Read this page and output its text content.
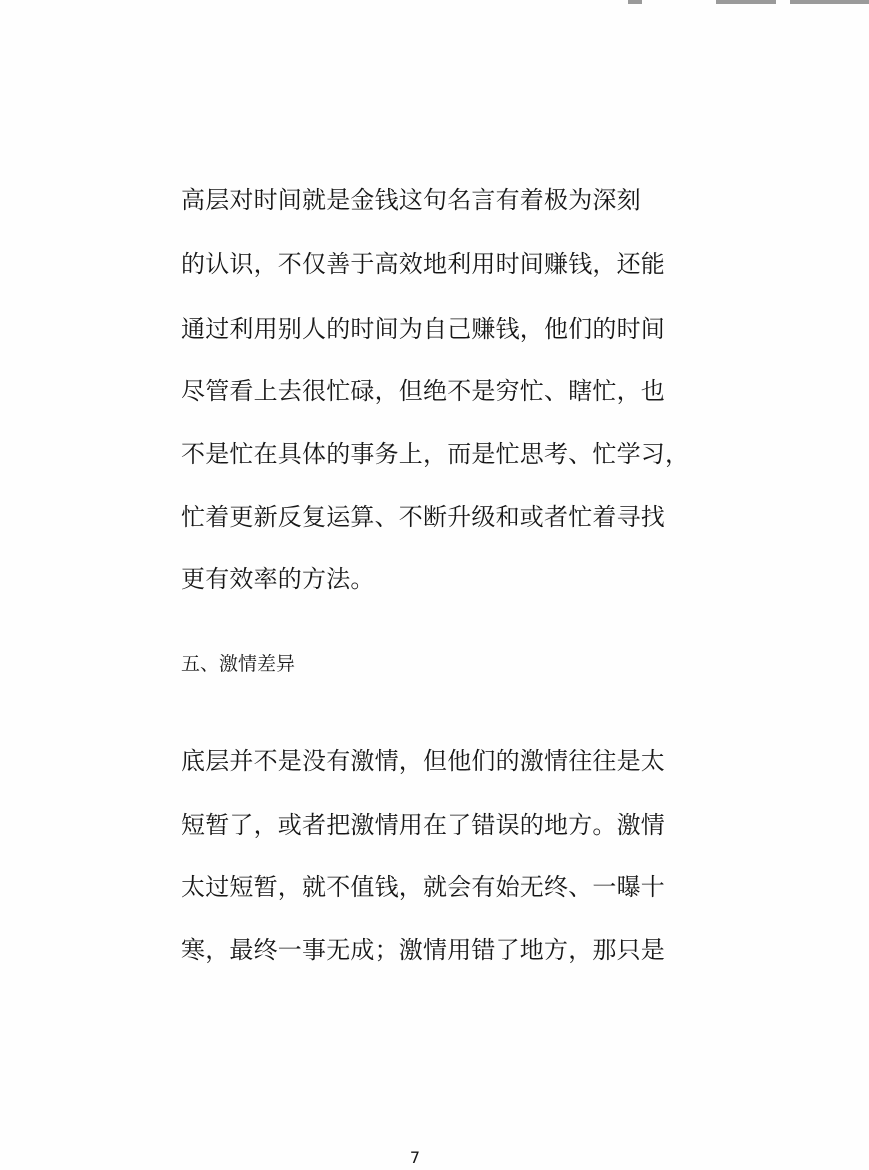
高层对时间就是金钱这句名言有着极为深刻
的认识，不仅善于高效地利用时间赚钱，还能
通过利用别人的时间为自己赚钱，他们的时间
尽管看上去很忙碌，但绝不是穷忙、瞎忙，也
不是忙在具体的事务上，而是忙思考、忙学习，
忙着更新反复运算、不断升级和或者忙着寻找
更有效率的方法。
五、激情差异
底层并不是没有激情，但他们的激情往往是太
短暂了，或者把激情用在了错误的地方。激情
太过短暂，就不值钱，就会有始无终、一曝十
寒，最终一事无成；激情用错了地方，那只是
7
